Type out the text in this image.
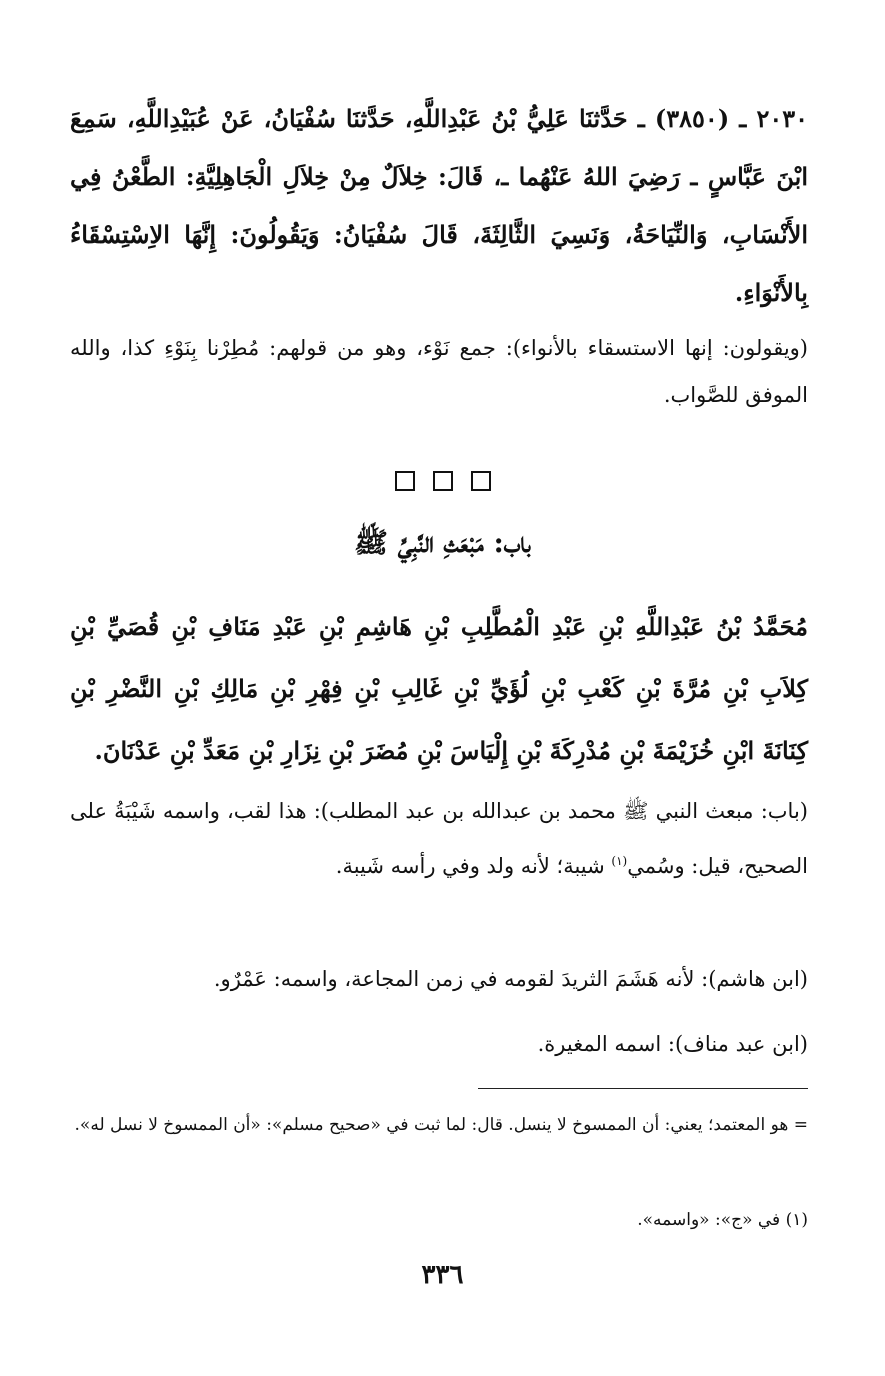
٢٠٣٠ ـ (٣٨٥٠) ـ حَدَّثنَا عَلِيُّ بْنُ عَبْدِاللَّهِ، حَدَّثنَا سُفْيَانُ، عَنْ عُبَيْدِاللَّهِ، سَمِعَ ابْنَ عَبَّاسٍ ـ رَضِيَ اللهُ عَنْهُما ـ، قَالَ: خِلاَلٌ مِنْ خِلاَلِ الْجَاهِلِيَّةِ: الطَّعْنُ فِي الأَنْسَابِ، وَالنِّيَاحَةُ، وَنَسِيَ الثَّالِثَةَ، قَالَ سُفْيَانُ: وَيَقُولُونَ: إِنَّهَا الاِسْتِسْقَاءُ بِالأَنْوَاءِ.

(ويقولون: إنها الاستسقاء بالأنواء): جمع نَوْء، وهو من قولهم: مُطِرْنا بِنَوْءِ كذا، والله الموفق للصَّواب.

باب: مَبْعَثِ النَّبِيِّ ﷺ

مُحَمَّدُ بْنُ عَبْدِاللَّهِ بْنِ عَبْدِ الْمُطَّلِبِ بْنِ هَاشِمِ بْنِ عَبْدِ مَنَافِ بْنِ قُصَيِّ بْنِ كِلاَبِ بْنِ مُرَّةَ بْنِ كَعْبِ بْنِ لُؤَيِّ بْنِ غَالِبِ بْنِ فِهْرِ بْنِ مَالِكِ بْنِ النَّضْرِ بْنِ كِنَانَةَ ابْنِ خُزَيْمَةَ بْنِ مُدْرِكَةَ بْنِ إِلْيَاسَ بْنِ مُضَرَ بْنِ نِزَارِ بْنِ مَعَدِّ بْنِ عَدْنَانَ.

(باب: مبعث النبي ﷺ محمد بن عبدالله بن عبد المطلب): هذا لقب، واسمه شَيْبَةُ على الصحيح، قيل: وسُمي$^{(١)}$ شيبة؛ لأنه ولد وفي رأسه شَيبة.

(ابن هاشم): لأنه هَشَمَ الثريدَ لقومه في زمن المجاعة، واسمه: عَمْرٌو.

(ابن عبد مناف): اسمه المغيرة.

= هو المعتمد؛ يعني: أن الممسوخ لا ينسل. قال: لما ثبت في «صحيح مسلم»: «أن الممسوخ لا نسل له».

(١) في «ج»: «واسمه».

٣٣٦
